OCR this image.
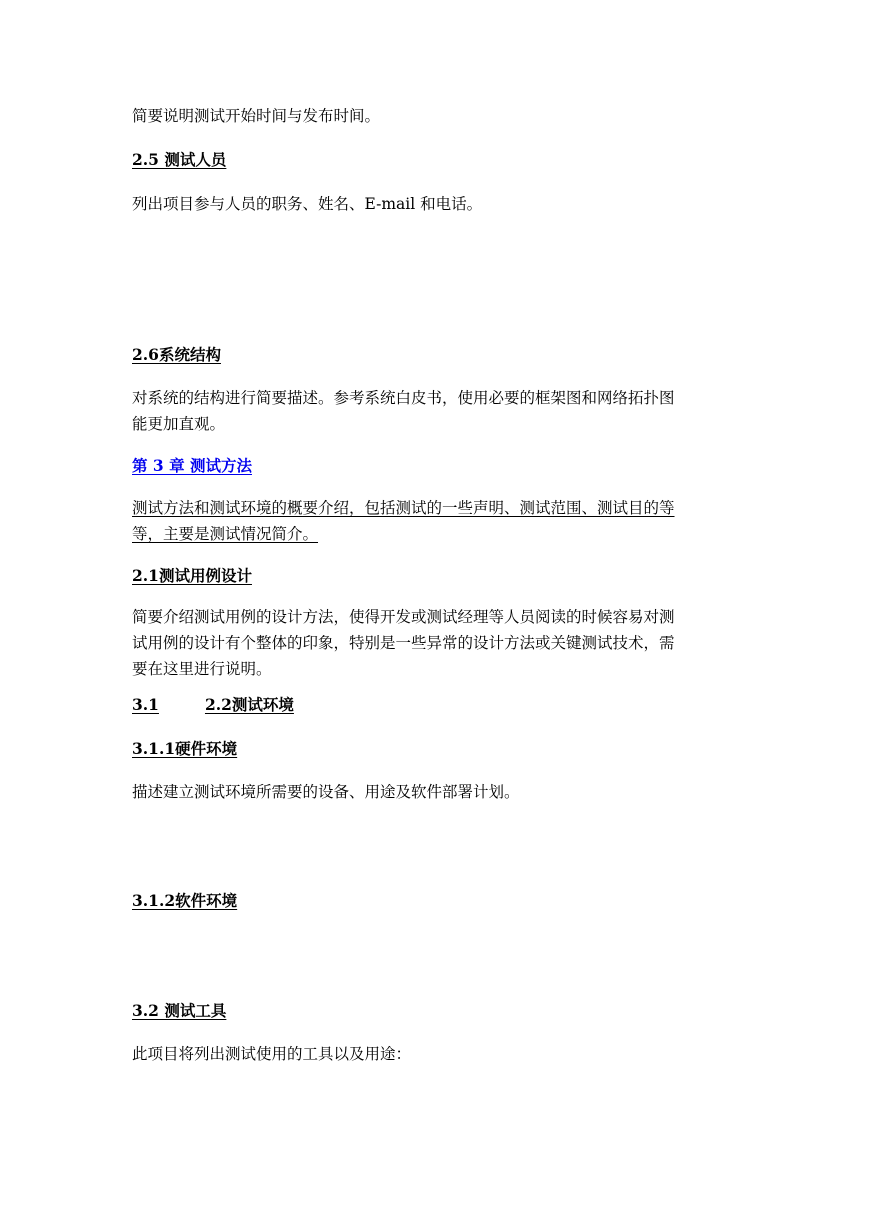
简要说明测试开始时间与发布时间。
2.5 测试人员
列出项目参与人员的职务、姓名、E-mail 和电话。
2.6系统结构
对系统的结构进行简要描述。参考系统白皮书，使用必要的框架图和网络拓扑图
能更加直观。
第 3 章 测试方法
测试方法和测试环境的概要介绍，包括测试的一些声明、测试范围、测试目的等
等，主要是测试情况简介。
2.1测试用例设计
简要介绍测试用例的设计方法，使得开发或测试经理等人员阅读的时候容易对测
试用例的设计有个整体的印象，特别是一些异常的设计方法或关键测试技术，需
要在这里进行说明。
3.1	2.2测试环境
3.1.1硬件环境
描述建立测试环境所需要的设备、用途及软件部署计划。
3.1.2软件环境
3.2 测试工具
此项目将列出测试使用的工具以及用途：
